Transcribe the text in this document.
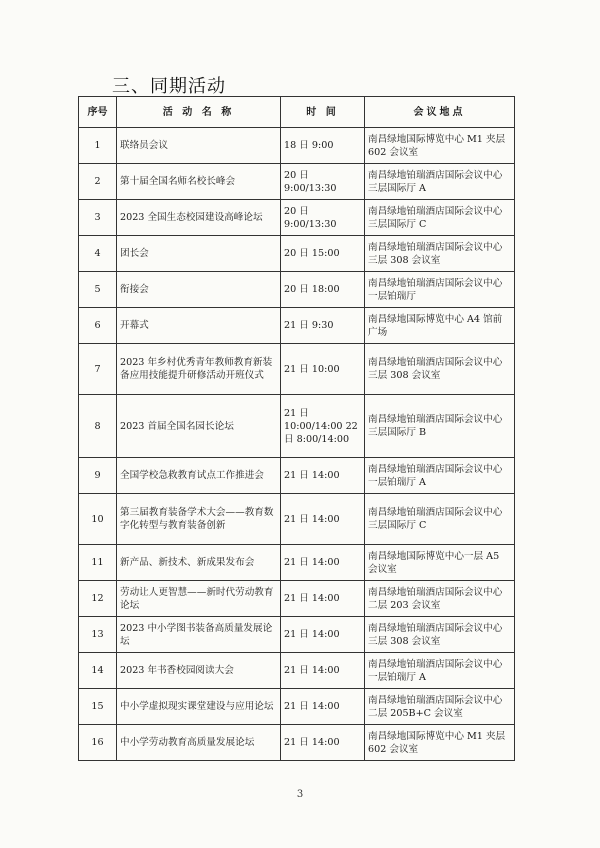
三、同期活动
序号	活 动 名 称	时 间	会议地点
1	联络员会议	18 日 9:00	南昌绿地国际博览中心 M1 夹层 602 会议室
2	第十届全国名师名校长峰会	20 日 9:00/13:30	南昌绿地铂瑞酒店国际会议中心三层国际厅 A
3	2023 全国生态校园建设高峰论坛	20 日 9:00/13:30	南昌绿地铂瑞酒店国际会议中心三层国际厅 C
4	团长会	20 日 15:00	南昌绿地铂瑞酒店国际会议中心三层 308 会议室
5	衔接会	20 日 18:00	南昌绿地铂瑞酒店国际会议中心一层铂瑞厅
6	开幕式	21 日 9:30	南昌绿地国际博览中心 A4 馆前广场
7	2023 年乡村优秀青年教师教育新装备应用技能提升研修活动开班仪式	21 日 10:00	南昌绿地铂瑞酒店国际会议中心三层 308 会议室
8	2023 首届全国名园长论坛	21 日 10:00/14:00 22 日 8:00/14:00	南昌绿地铂瑞酒店国际会议中心三层国际厅 B
9	全国学校急救教育试点工作推进会	21 日 14:00	南昌绿地铂瑞酒店国际会议中心一层铂瑞厅 A
10	第三届教育装备学术大会——教育数字化转型与教育装备创新	21 日 14:00	南昌绿地铂瑞酒店国际会议中心三层国际厅 C
11	新产品、新技术、新成果发布会	21 日 14:00	南昌绿地国际博览中心一层 A5 会议室
12	劳动让人更智慧——新时代劳动教育论坛	21 日 14:00	南昌绿地铂瑞酒店国际会议中心二层 203 会议室
13	2023 中小学图书装备高质量发展论坛	21 日 14:00	南昌绿地铂瑞酒店国际会议中心三层 308 会议室
14	2023 年书香校园阅读大会	21 日 14:00	南昌绿地铂瑞酒店国际会议中心一层铂瑞厅 A
15	中小学虚拟现实课堂建设与应用论坛	21 日 14:00	南昌绿地铂瑞酒店国际会议中心二层 205B+C 会议室
16	中小学劳动教育高质量发展论坛	21 日 14:00	南昌绿地国际博览中心 M1 夹层 602 会议室
3
